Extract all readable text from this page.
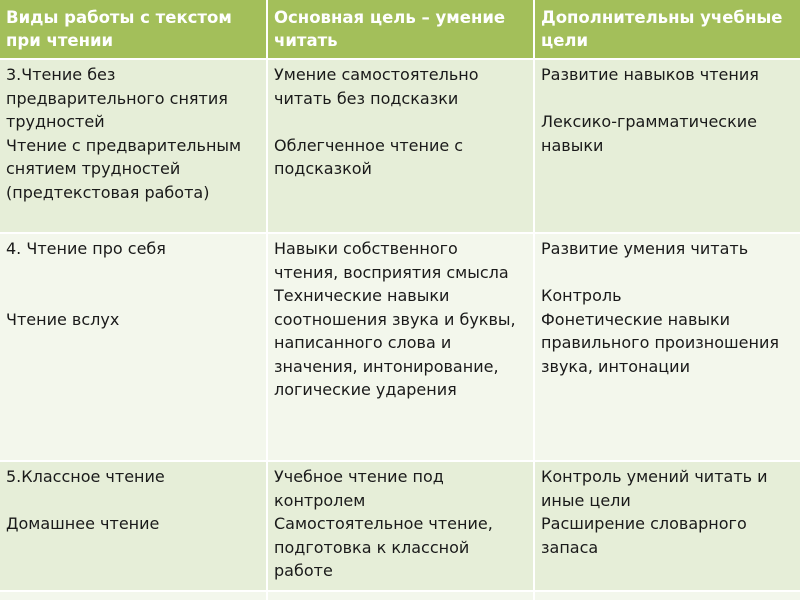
Виды работы с текстом при чтении
Основная цель – умение читать
Дополнительны учебные цели
3.Чтение без предварительного снятия трудностей
Чтение с предварительным снятием трудностей (предтекстовая работа)
Умение самостоятельно читать без подсказки

Облегченное чтение с подсказкой
Развитие навыков чтения

Лексико-грамматические навыки
4. Чтение про себя

Чтение вслух
Навыки собственного чтения, восприятия смысла
Технические навыки соотношения звука и буквы, написанного слова и значения, интонирование, логические ударения
Развитие умения читать

Контроль
Фонетические навыки правильного произношения звука, интонации
5.Классное чтение

Домашнее чтение
Учебное чтение под контролем
Самостоятельное чтение, подготовка к классной работе
Контроль умений читать и иные цели
Расширение словарного запаса
